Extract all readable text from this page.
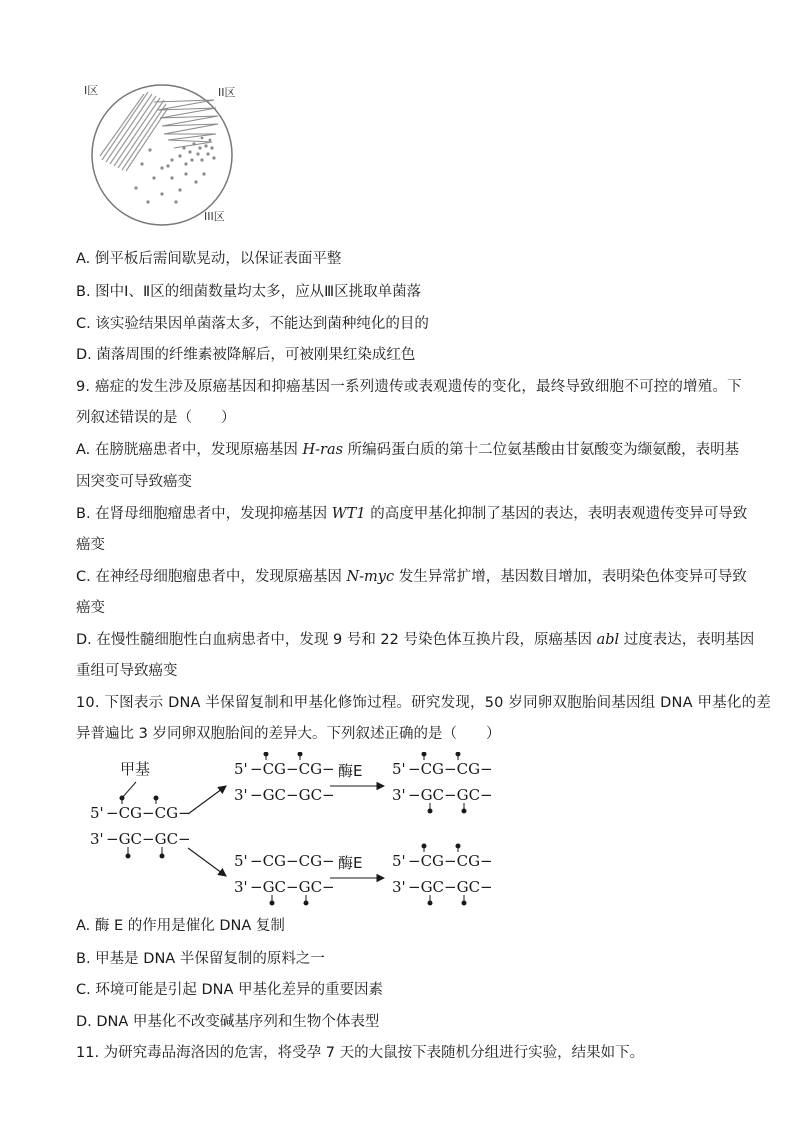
I区	II区
III区
A. 倒平板后需间歇晃动，以保证表面平整
B. 图中Ⅰ、Ⅱ区的细菌数量均太多，应从Ⅲ区挑取单菌落
C. 该实验结果因单菌落太多，不能达到菌种纯化的目的
D. 菌落周围的纤维素被降解后，可被刚果红染成红色
9. 癌症的发生涉及原癌基因和抑癌基因一系列遗传或表观遗传的变化，最终导致细胞不可控的增殖。下
列叙述错误的是（　　）
A. 在膀胱癌患者中，发现原癌基因 H-ras 所编码蛋白质的第十二位氨基酸由甘氨酸变为缬氨酸，表明基
因突变可导致癌变
B. 在肾母细胞瘤患者中，发现抑癌基因 WT1 的高度甲基化抑制了基因的表达，表明表观遗传变异可导致
癌变
C. 在神经母细胞瘤患者中，发现原癌基因 N-myc 发生异常扩增，基因数目增加，表明染色体变异可导致
癌变
D. 在慢性髓细胞性白血病患者中，发现 9 号和 22 号染色体互换片段，原癌基因 abl 过度表达，表明基因
重组可导致癌变
10. 下图表示 DNA 半保留复制和甲基化修饰过程。研究发现，50 岁同卵双胞胎间基因组 DNA 甲基化的差
异普遍比 3 岁同卵双胞胎间的差异大。下列叙述正确的是（　　）
甲基
5' −CG−CG−
3' −GC−GC−
5' −CG−CG−
3' −GC−GC−
酶E 5' −CG−CG−
3' −GC−GC−
5' −CG−CG−
3' −GC−GC−
酶E 5' −CG−CG−
3' −GC−GC−
A. 酶 E 的作用是催化 DNA 复制
B. 甲基是 DNA 半保留复制的原料之一
C. 环境可能是引起 DNA 甲基化差异的重要因素
D. DNA 甲基化不改变碱基序列和生物个体表型
11. 为研究毒品海洛因的危害，将受孕 7 天的大鼠按下表随机分组进行实验，结果如下。
